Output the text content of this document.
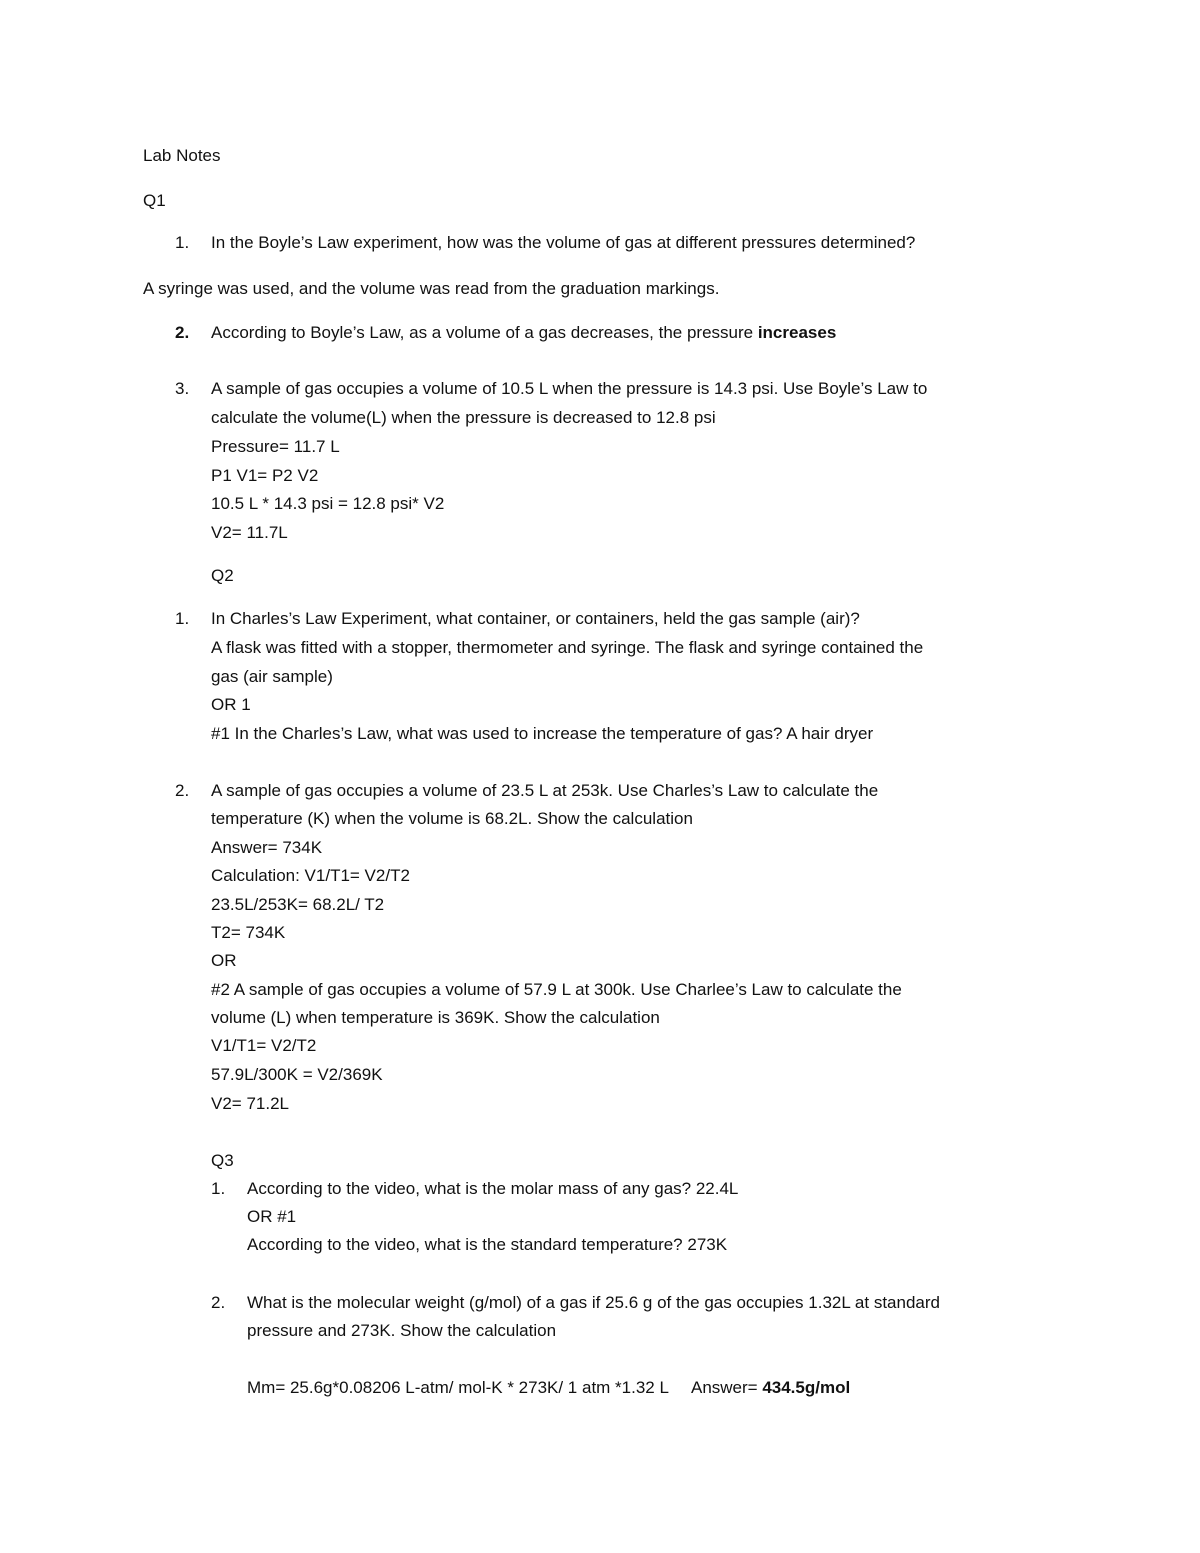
Lab Notes
Q1
1. In the Boyle’s Law experiment, how was the volume of gas at different pressures determined?
A syringe was used, and the volume was read from the graduation markings.
2. According to Boyle’s Law, as a volume of a gas decreases, the pressure increases
3. A sample of gas occupies a volume of 10.5 L when the pressure is 14.3 psi. Use Boyle’s Law to
calculate the volume(L) when the pressure is decreased to 12.8 psi
Pressure= 11.7 L
P1 V1= P2 V2
10.5 L * 14.3 psi = 12.8 psi* V2
V2= 11.7L
Q2
1. In Charles’s Law Experiment, what container, or containers, held the gas sample (air)?
A flask was fitted with a stopper, thermometer and syringe. The flask and syringe contained the
gas (air sample)
OR 1
#1 In the Charles’s Law, what was used to increase the temperature of gas? A hair dryer
2. A sample of gas occupies a volume of 23.5 L at 253k. Use Charles’s Law to calculate the
temperature (K) when the volume is 68.2L. Show the calculation
Answer= 734K
Calculation: V1/T1= V2/T2
23.5L/253K= 68.2L/ T2
T2= 734K
OR
#2 A sample of gas occupies a volume of 57.9 L at 300k. Use Charlee’s Law to calculate the
volume (L) when temperature is 369K. Show the calculation
V1/T1= V2/T2
57.9L/300K = V2/369K
V2= 71.2L
Q3
1. According to the video, what is the molar mass of any gas? 22.4L
OR #1
According to the video, what is the standard temperature? 273K
2. What is the molecular weight (g/mol) of a gas if 25.6 g of the gas occupies 1.32L at standard
pressure and 273K. Show the calculation
Mm= 25.6g*0.08206 L-atm/ mol-K * 273K/ 1 atm *1.32 L     Answer= 434.5g/mol
